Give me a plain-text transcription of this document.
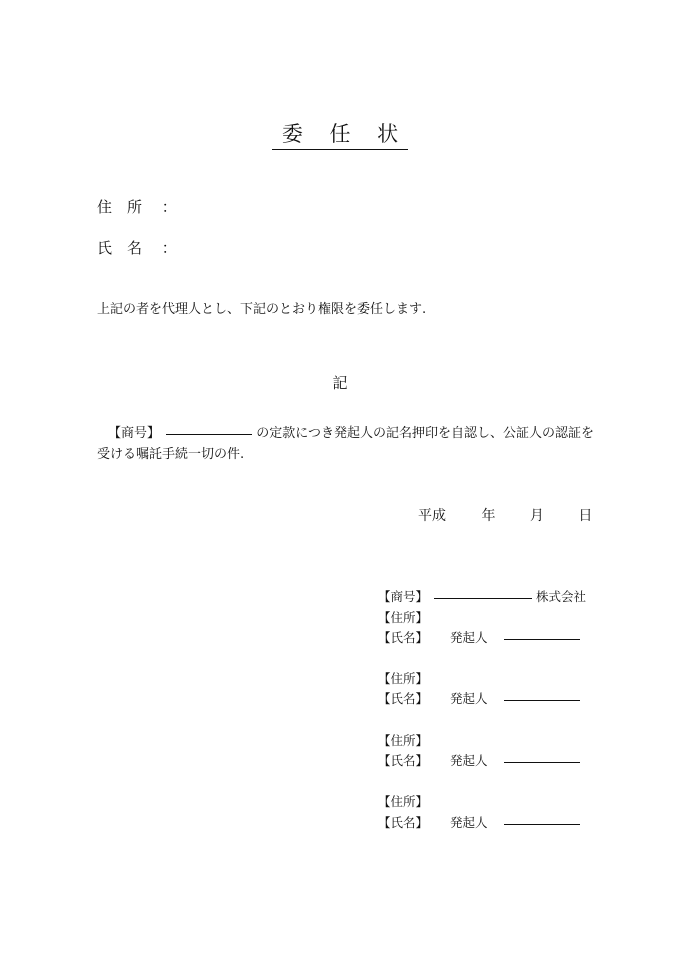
委 任 状
住　所 ：
氏　名 ：
上記の者を代理人とし、下記のとおり権限を委任します.
記
【商号】	の定款につき発起人の記名押印を自認し、公証人の認証を
受ける嘱託手続一切の件.
平成	年 月 日
【商号】	株式会社
【住所】
【氏名】 発起人
【住所】
【氏名】 発起人
【住所】
【氏名】 発起人
【住所】
【氏名】 発起人
